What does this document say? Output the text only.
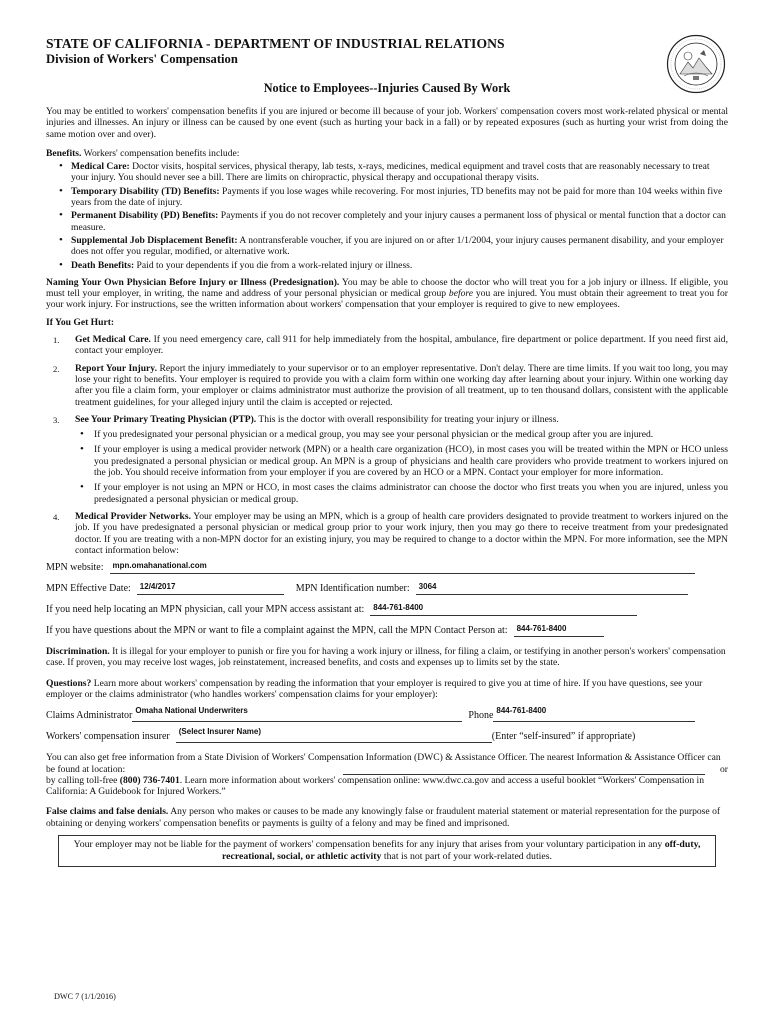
STATE OF CALIFORNIA - DEPARTMENT OF INDUSTRIAL RELATIONS
Division of Workers' Compensation
Notice to Employees--Injuries Caused By Work

You may be entitled to workers' compensation benefits if you are injured or become ill because of your job. Workers' compensation covers most work-related physical or mental injuries and illnesses. An injury or illness can be caused by one event (such as hurting your back in a fall) or by repeated exposures (such as hurting your wrist from doing the same motion over and over).

Benefits. Workers' compensation benefits include:

• Medical Care: Doctor visits, hospital services, physical therapy, lab tests, x-rays, medicines, medical equipment and travel costs that are reasonably necessary to treat your injury. You should never see a bill. There are limits on chiropractic, physical therapy and occupational therapy visits.
• Temporary Disability (TD) Benefits: Payments if you lose wages while recovering. For most injuries, TD benefits may not be paid for more than 104 weeks within five years from the date of injury.
• Permanent Disability (PD) Benefits: Payments if you do not recover completely and your injury causes a permanent loss of physical or mental function that a doctor can measure.
• Supplemental Job Displacement Benefit: A nontransferable voucher, if you are injured on or after 1/1/2004, your injury causes permanent disability, and your employer does not offer you regular, modified, or alternative work.
• Death Benefits: Paid to your dependents if you die from a work-related injury or illness.

Naming Your Own Physician Before Injury or Illness (Predesignation). You may be able to choose the doctor who will treat you for a job injury or illness. If eligible, you must tell your employer, in writing, the name and address of your personal physician or medical group before you are injured. You must obtain their agreement to treat you for your work injury. For instructions, see the written information about workers' compensation that your employer is required to give to new employees.

If You Get Hurt:

1. Get Medical Care. If you need emergency care, call 911 for help immediately from the hospital, ambulance, fire department or police department. If you need first aid, contact your employer.
2. Report Your Injury. Report the injury immediately to your supervisor or to an employer representative. Don't delay. There are time limits. If you wait too long, you may lose your right to benefits. Your employer is required to provide you with a claim form within one working day after learning about your injury. Within one working day after you file a claim form, your employer or claims administrator must authorize the provision of all treatment, up to ten thousand dollars, consistent with the applicable treatment guidelines, for your alleged injury until the claim is accepted or rejected.
3. See Your Primary Treating Physician (PTP). This is the doctor with overall responsibility for treating your injury or illness.
• If you predesignated your personal physician or a medical group, you may see your personal physician or the medical group after you are injured.
• If your employer is using a medical provider network (MPN) or a health care organization (HCO), in most cases you will be treated within the MPN or HCO unless you predesignated a personal physician or medical group. An MPN is a group of physicians and health care providers who provide treatment to workers injured on the job. You should receive information from your employer if you are covered by an HCO or a MPN. Contact your employer for more information.
• If your employer is not using an MPN or HCO, in most cases the claims administrator can choose the doctor who first treats you when you are injured, unless you predesignated a personal physician or medical group.
4. Medical Provider Networks. Your employer may be using an MPN, which is a group of health care providers designated to provide treatment to workers injured on the job. If you have predesignated a personal physician or medical group prior to your work injury, then you may go there to receive treatment from your predesignated doctor. If you are treating with a non-MPN doctor for an existing injury, you may be required to change to a doctor within the MPN. For more information, see the MPN contact information below:
MPN website: mpn.omahanational.com
MPN Effective Date: 12/4/2017	MPN Identification number: 3064
If you need help locating an MPN physician, call your MPN access assistant at: 844-761-8400
If you have questions about the MPN or want to file a complaint against the MPN, call the MPN Contact Person at: 844-761-8400

Discrimination. It is illegal for your employer to punish or fire you for having a work injury or illness, for filing a claim, or testifying in another person's workers' compensation case. If proven, you may receive lost wages, job reinstatement, increased benefits, and costs and expenses up to limits set by the state.

Questions? Learn more about workers' compensation by reading the information that your employer is required to give you at time of hire. If you have questions, see your employer or the claims administrator (who handles workers' compensation claims for your employer):

Claims Administrator Omaha National Underwriters	Phone 844-761-8400
Workers' compensation insurer (Select Insurer Name)	(Enter “self-insured” if appropriate)

You can also get free information from a State Division of Workers' Compensation Information (DWC) & Assistance Officer. The nearest Information & Assistance Officer can be found at location:	or

by calling toll-free (800) 736-7401. Learn more information about workers' compensation online: www.dwc.ca.gov and access a useful booklet “Workers' Compensation in California: A Guidebook for Injured Workers.”

False claims and false denials. Any person who makes or causes to be made any knowingly false or fraudulent material statement or material representation for the purpose of obtaining or denying workers' compensation benefits or payments is guilty of a felony and may be fined and imprisoned.

Your employer may not be liable for the payment of workers' compensation benefits for any injury that arises from your voluntary participation in any off-duty, recreational, social, or athletic activity that is not part of your work-related duties.
DWC 7 (1/1/2016)
